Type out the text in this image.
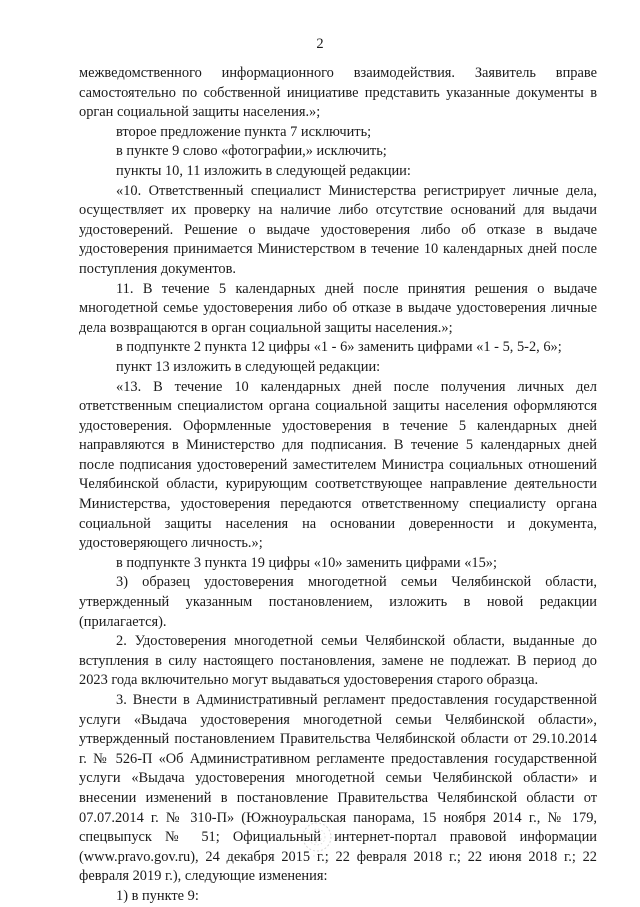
2

межведомственного информационного взаимодействия. Заявитель вправе самостоятельно по собственной инициативе представить указанные документы в орган социальной защиты населения.»;

второе предложение пункта 7 исключить;

в пункте 9 слово «фотографии,» исключить;

пункты 10, 11 изложить в следующей редакции:

«10. Ответственный специалист Министерства регистрирует личные дела, осуществляет их проверку на наличие либо отсутствие оснований для выдачи удостоверений. Решение о выдаче удостоверения либо об отказе в выдаче удостоверения принимается Министерством в течение 10 календарных дней после поступления документов.

11. В течение 5 календарных дней после принятия решения о выдаче многодетной семье удостоверения либо об отказе в выдаче удостоверения личные дела возвращаются в орган социальной защиты населения.»;

в подпункте 2 пункта 12 цифры «1 - 6» заменить цифрами «1 - 5, 5-2, 6»;

пункт 13 изложить в следующей редакции:

«13. В течение 10 календарных дней после получения личных дел ответственным специалистом органа социальной защиты населения оформляются удостоверения. Оформленные удостоверения в течение 5 календарных дней направляются в Министерство для подписания. В течение 5 календарных дней после подписания удостоверений заместителем Министра социальных отношений Челябинской области, курирующим соответствующее направление деятельности Министерства, удостоверения передаются ответственному специалисту органа социальной защиты населения на основании доверенности и документа, удостоверяющего личность.»;

в подпункте 3 пункта 19 цифры «10» заменить цифрами «15»;

3) образец удостоверения многодетной семьи Челябинской области, утвержденный указанным постановлением, изложить в новой редакции (прилагается).

2. Удостоверения многодетной семьи Челябинской области, выданные до вступления в силу настоящего постановления, замене не подлежат. В период до 2023 года включительно могут выдаваться удостоверения старого образца.

3. Внести в Административный регламент предоставления государственной услуги «Выдача удостоверения многодетной семьи Челябинской области», утвержденный постановлением Правительства Челябинской области от 29.10.2014 г. № 526-П «Об Административном регламенте предоставления государственной услуги «Выдача удостоверения многодетной семьи Челябинской области» и внесении изменений в постановление Правительства Челябинской области от 07.07.2014 г. № 310-П» (Южноуральская панорама, 15 ноября 2014 г., № 179, спецвыпуск № 51; Официальный интернет-портал правовой информации (www.pravo.gov.ru), 24 декабря 2015 г.; 22 февраля 2018 г.; 22 июня 2018 г.; 22 февраля 2019 г.), следующие изменения:

1) в пункте 9:
